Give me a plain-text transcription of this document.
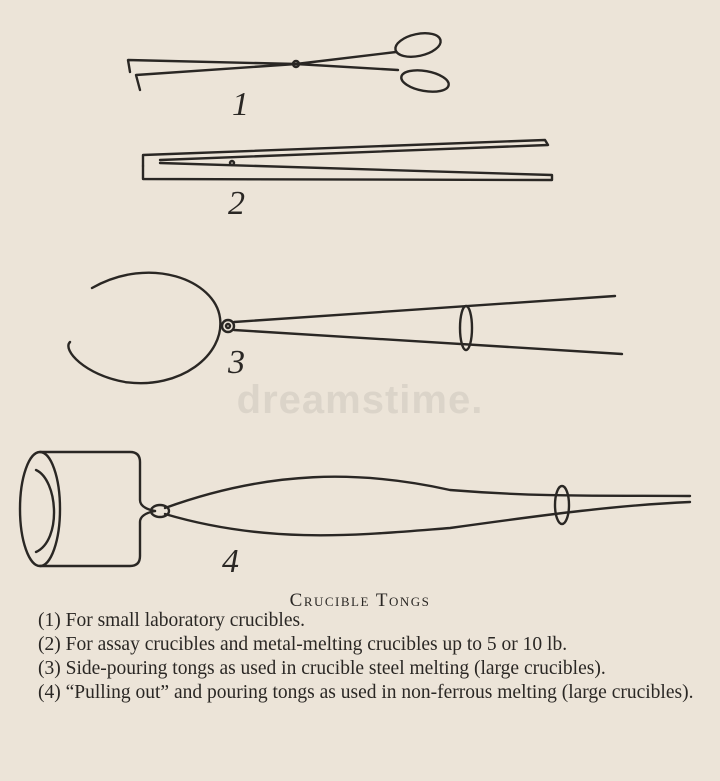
1
2
3
4
dreamstime.
Crucible Tongs

(1) For small laboratory crucibles.

(2) For assay crucibles and metal-melting crucibles up to 5 or 10 lb.

(3) Side-pouring tongs as used in crucible steel melting (large crucibles).

(4) “Pulling out” and pouring tongs as used in non-ferrous melting (large crucibles).
